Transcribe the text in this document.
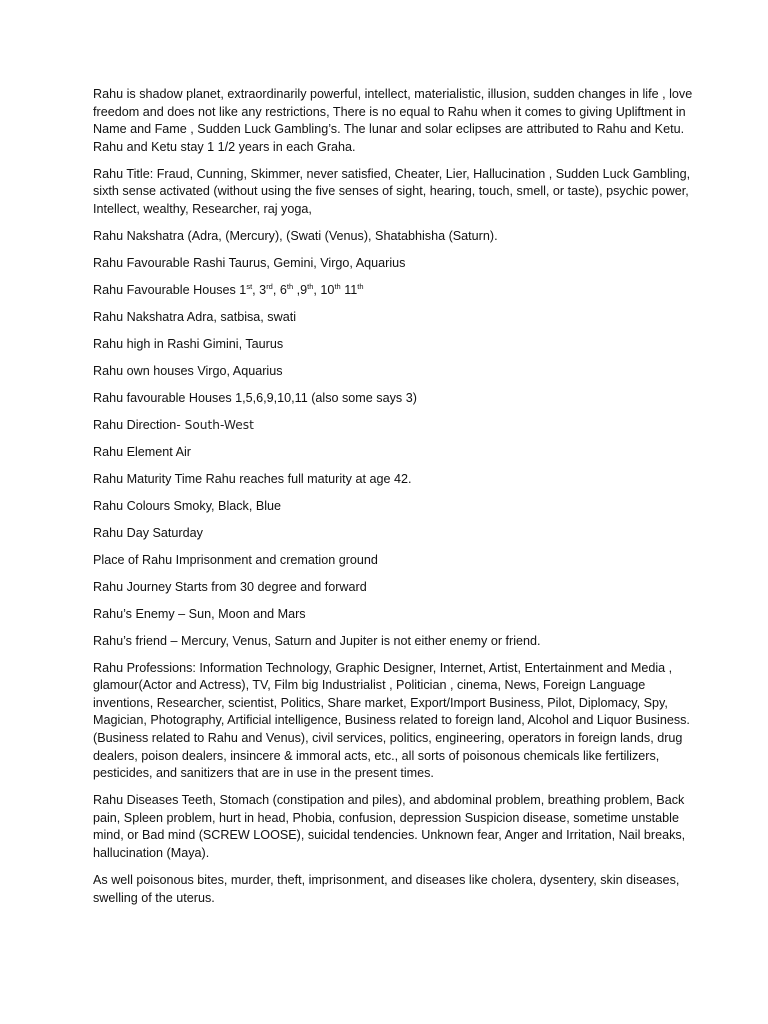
Rahu is shadow planet, extraordinarily powerful, intellect, materialistic, illusion, sudden changes in life , love freedom and does not like any restrictions, There is no equal to Rahu when it comes to giving Upliftment in Name and Fame , Sudden Luck Gambling’s. The lunar and solar eclipses are attributed to Rahu and Ketu. Rahu and Ketu stay 1 1/2 years in each Graha.

Rahu Title: Fraud, Cunning, Skimmer, never satisfied, Cheater, Lier, Hallucination , Sudden Luck Gambling, sixth sense activated (without using the five senses of sight, hearing, touch, smell, or taste), psychic power, Intellect, wealthy, Researcher, raj yoga,

Rahu Nakshatra (Adra, (Mercury), (Swati (Venus), Shatabhisha (Saturn).

Rahu Favourable Rashi Taurus, Gemini, Virgo, Aquarius

Rahu Favourable Houses 1st, 3rd, 6th ,9th, 10th 11th

Rahu Nakshatra Adra, satbisa, swati

Rahu high in Rashi Gimini, Taurus

Rahu own houses Virgo, Aquarius

Rahu favourable Houses 1,5,6,9,10,11 (also some says 3)

Rahu Direction- South-West

Rahu Element Air

Rahu Maturity Time Rahu reaches full maturity at age 42.

Rahu Colours Smoky, Black, Blue

Rahu Day Saturday

Place of Rahu Imprisonment and cremation ground

Rahu Journey Starts from 30 degree and forward

Rahu’s Enemy – Sun, Moon and Mars

Rahu’s friend – Mercury, Venus, Saturn and Jupiter is not either enemy or friend.

Rahu Professions: Information Technology, Graphic Designer, Internet, Artist, Entertainment and Media , glamour(Actor and Actress), TV, Film big Industrialist , Politician , cinema, News, Foreign Language inventions, Researcher, scientist, Politics, Share market, Export/Import Business, Pilot, Diplomacy, Spy, Magician, Photography, Artificial intelligence, Business related to foreign land, Alcohol and Liquor Business. (Business related to Rahu and Venus), civil services, politics, engineering, operators in foreign lands, drug dealers, poison dealers, insincere & immoral acts, etc., all sorts of poisonous chemicals like fertilizers, pesticides, and sanitizers that are in use in the present times.

Rahu Diseases Teeth, Stomach (constipation and piles), and abdominal problem, breathing problem, Back pain, Spleen problem, hurt in head, Phobia, confusion, depression Suspicion disease, sometime unstable mind, or Bad mind (SCREW LOOSE), suicidal tendencies. Unknown fear, Anger and Irritation, Nail breaks, hallucination (Maya).

As well poisonous bites, murder, theft, imprisonment, and diseases like cholera, dysentery, skin diseases, swelling of the uterus.
